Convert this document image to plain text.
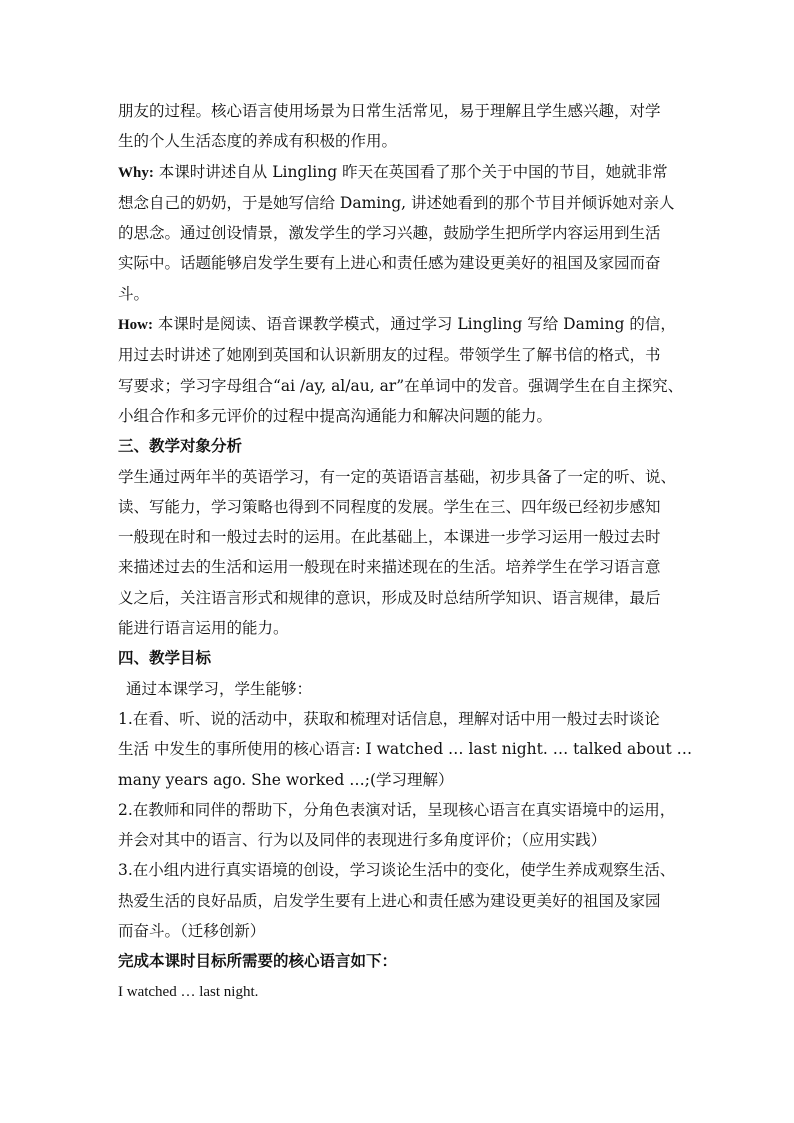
朋友的过程。核心语言使用场景为日常生活常见，易于理解且学生感兴趣，对学

生的个人生活态度的养成有积极的作用。

Why: 本课时讲述自从 Lingling 昨天在英国看了那个关于中国的节目，她就非常

想念自己的奶奶，于是她写信给 Daming, 讲述她看到的那个节目并倾诉她对亲人

的思念。通过创设情景，激发学生的学习兴趣，鼓励学生把所学内容运用到生活

实际中。话题能够启发学生要有上进心和责任感为建设更美好的祖国及家园而奋

斗。

How: 本课时是阅读、语音课教学模式，通过学习 Lingling 写给 Daming 的信，

用过去时讲述了她刚到英国和认识新朋友的过程。带领学生了解书信的格式，书

写要求；学习字母组合“ai /ay, al/au, ar”在单词中的发音。强调学生在自主探究、

小组合作和多元评价的过程中提高沟通能力和解决问题的能力。

三、教学对象分析

学生通过两年半的英语学习，有一定的英语语言基础，初步具备了一定的听、说、

读、写能力，学习策略也得到不同程度的发展。学生在三、四年级已经初步感知

一般现在时和一般过去时的运用。在此基础上，本课进一步学习运用一般过去时

来描述过去的生活和运用一般现在时来描述现在的生活。培养学生在学习语言意

义之后，关注语言形式和规律的意识，形成及时总结所学知识、语言规律，最后

能进行语言运用的能力。

四、教学目标

通过本课学习，学生能够：

1.在看、听、说的活动中，获取和梳理对话信息，理解对话中用一般过去时谈论

生活 中发生的事所使用的核心语言: I watched … last night. … talked about …

many years ago. She worked …;(学习理解）

2.在教师和同伴的帮助下，分角色表演对话，呈现核心语言在真实语境中的运用，

并会对其中的语言、行为以及同伴的表现进行多角度评价；（应用实践）

3.在小组内进行真实语境的创设，学习谈论生活中的变化，使学生养成观察生活、

热爱生活的良好品质，启发学生要有上进心和责任感为建设更美好的祖国及家园

而奋斗。（迁移创新）

完成本课时目标所需要的核心语言如下：

I watched … last night.
